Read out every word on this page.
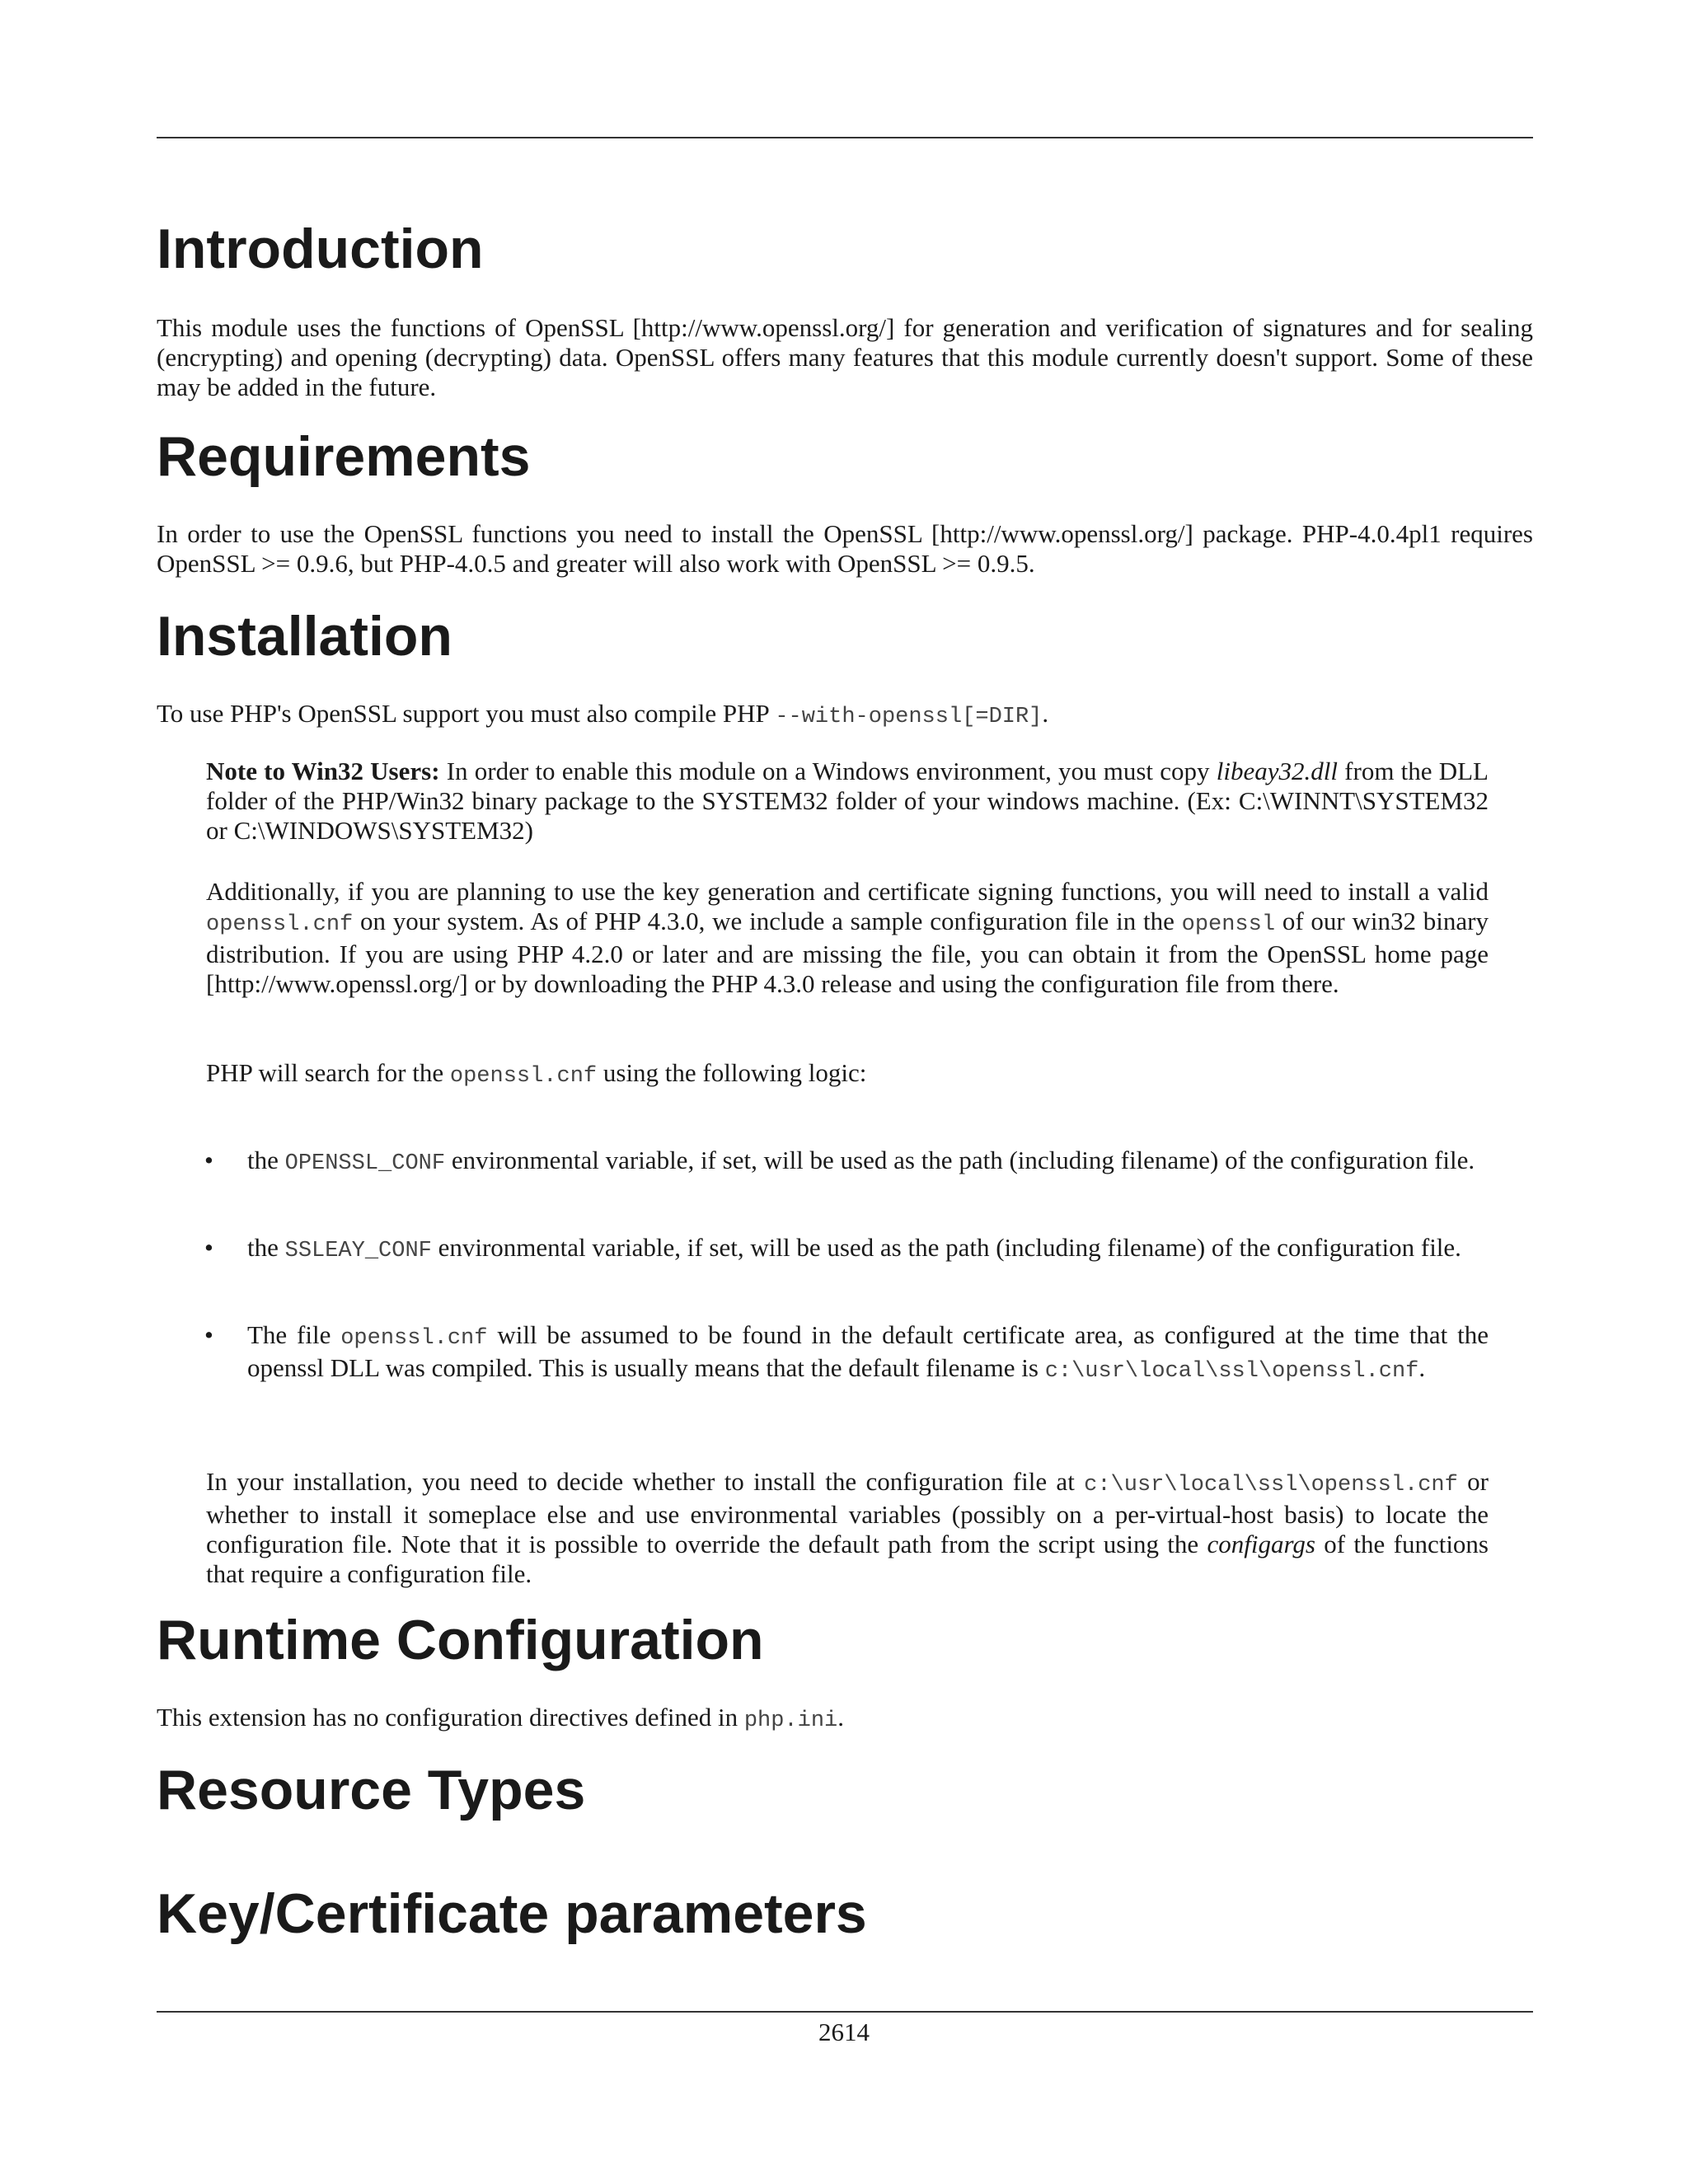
Introduction

This module uses the functions of OpenSSL [http://www.openssl.org/] for generation and verification of signatures and for sealing (encrypting) and opening (decrypting) data. OpenSSL offers many features that this module currently doesn't support. Some of these may be added in the future.

Requirements

In order to use the OpenSSL functions you need to install the OpenSSL [http://www.openssl.org/] package. PHP-4.0.4pl1 requires OpenSSL >= 0.9.6, but PHP-4.0.5 and greater will also work with OpenSSL >= 0.9.5.

Installation

To use PHP's OpenSSL support you must also compile PHP --with-openssl[=DIR].

Note to Win32 Users: In order to enable this module on a Windows environment, you must copy libeay32.dll from the DLL folder of the PHP/Win32 binary package to the SYSTEM32 folder of your windows machine. (Ex: C:\WINNT\SYSTEM32 or C:\WINDOWS\SYSTEM32)

Additionally, if you are planning to use the key generation and certificate signing functions, you will need to install a valid openssl.cnf on your system. As of PHP 4.3.0, we include a sample configuration file in the openssl of our win32 binary distribution. If you are using PHP 4.2.0 or later and are missing the file, you can obtain it from the OpenSSL home page [http://www.openssl.org/] or by downloading the PHP 4.3.0 release and using the configuration file from there.

PHP will search for the openssl.cnf using the following logic:

• the OPENSSL_CONF environmental variable, if set, will be used as the path (including filename) of the configuration file.

• the SSLEAY_CONF environmental variable, if set, will be used as the path (including filename) of the configuration file.

• The file openssl.cnf will be assumed to be found in the default certificate area, as configured at the time that the openssl DLL was compiled. This is usually means that the default filename is c:\usr\local\ssl\openssl.cnf.

In your installation, you need to decide whether to install the configuration file at c:\usr\local\ssl\openssl.cnf or whether to install it someplace else and use environmental variables (possibly on a per-virtual-host basis) to locate the configuration file. Note that it is possible to override the default path from the script using the configargs of the functions that require a configuration file.

Runtime Configuration

This extension has no configuration directives defined in php.ini.

Resource Types
Key/Certificate parameters
2614
